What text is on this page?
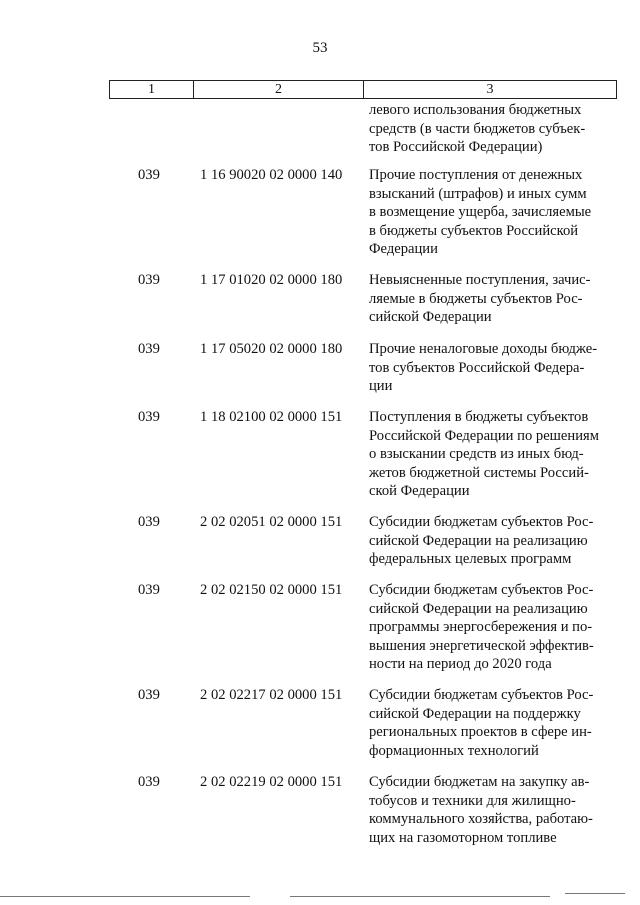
53
1	2	3
левого использования бюджетных
средств (в части бюджетов субъек-
тов Российской Федерации)
039	1 16 90020 02 0000 140	Прочие поступления от денежных
взысканий (штрафов) и иных сумм
в возмещение ущерба, зачисляемые
в бюджеты субъектов Российской
Федерации
039	1 17 01020 02 0000 180	Невыясненные поступления, зачис-
ляемые в бюджеты субъектов Рос-
сийской Федерации
039	1 17 05020 02 0000 180	Прочие неналоговые доходы бюдже-
тов субъектов Российской Федера-
ции
039	1 18 02100 02 0000 151	Поступления в бюджеты субъектов
Российской Федерации по решениям
о взыскании средств из иных бюд-
жетов бюджетной системы Россий-
ской Федерации
039	2 02 02051 02 0000 151	Субсидии бюджетам субъектов Рос-
сийской Федерации на реализацию
федеральных целевых программ
039	2 02 02150 02 0000 151	Субсидии бюджетам субъектов Рос-
сийской Федерации на реализацию
программы энергосбережения и по-
вышения энергетической эффектив-
ности на период до 2020 года
039	2 02 02217 02 0000 151	Субсидии бюджетам субъектов Рос-
сийской Федерации на поддержку
региональных проектов в сфере ин-
формационных технологий
039	2 02 02219 02 0000 151	Субсидии бюджетам на закупку ав-
тобусов и техники для жилищно-
коммунального хозяйства, работаю-
щих на газомоторном топливе
